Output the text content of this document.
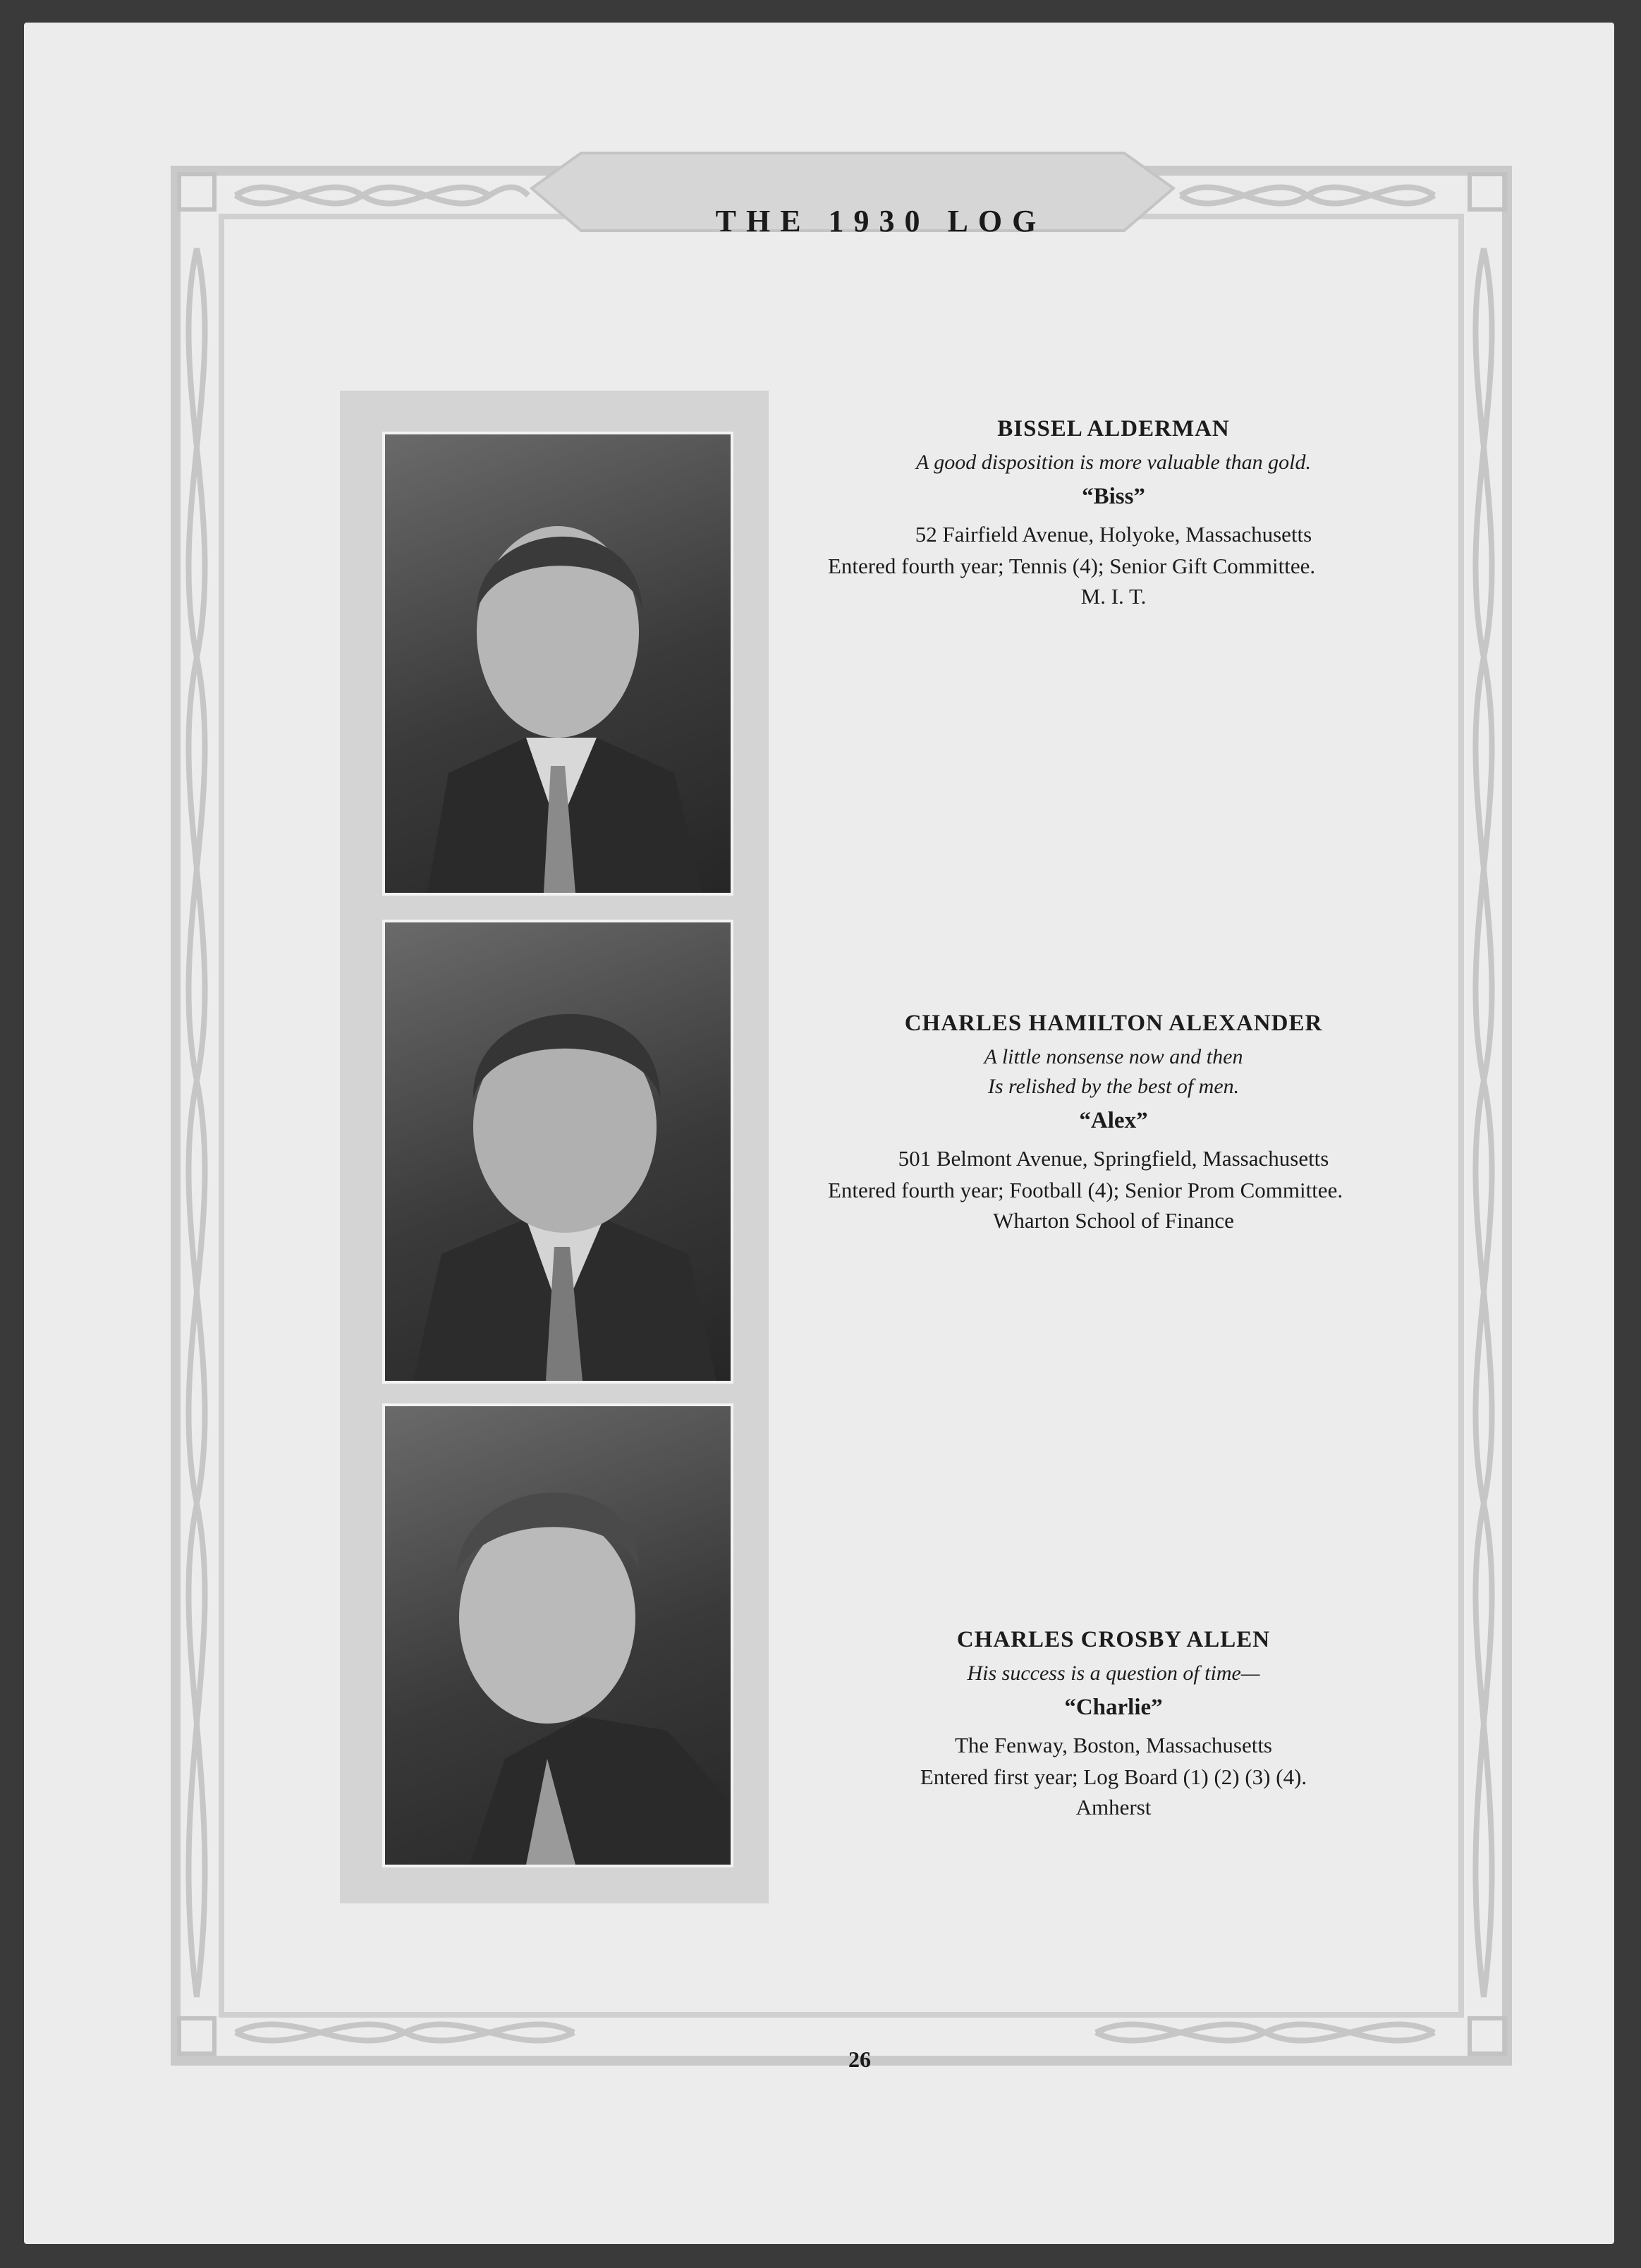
THE 1930 LOG
BISSEL ALDERMAN
A good disposition is more valuable than gold.
“Biss”
52 Fairfield Avenue, Holyoke, Massachusetts
Entered fourth year; Tennis (4); Senior Gift Committee.
M. I. T.
CHARLES HAMILTON ALEXANDER
A little nonsense now and then
Is relished by the best of men.
“Alex”
501 Belmont Avenue, Springfield, Massachusetts
Entered fourth year; Football (4); Senior Prom Committee.
Wharton School of Finance
CHARLES CROSBY ALLEN
His success is a question of time—
“Charlie”
The Fenway, Boston, Massachusetts
Entered first year; Log Board (1) (2) (3) (4).
Amherst
26
